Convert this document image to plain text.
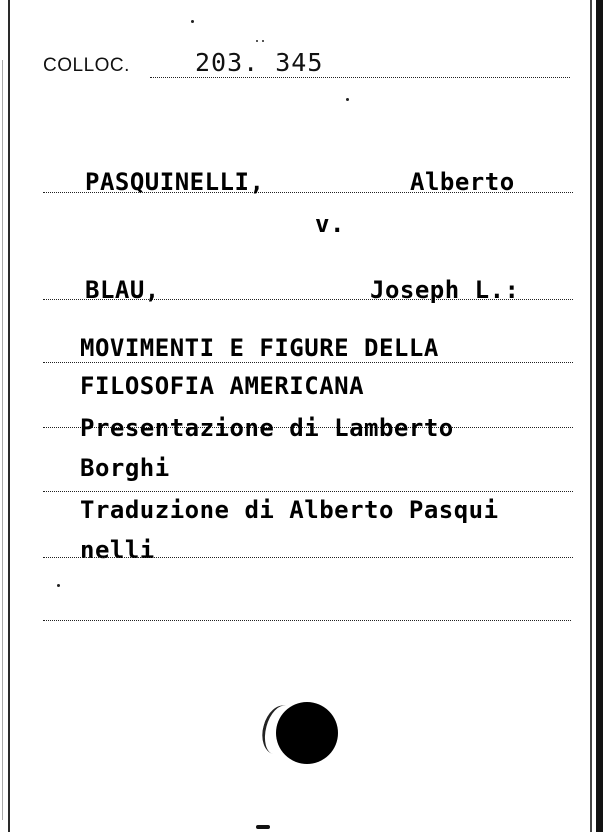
COLLOC.	203. 345
PASQUINELLI,	Alberto
v.
BLAU,	Joseph L.:
MOVIMENTI E FIGURE DELLA
FILOSOFIA AMERICANA
Presentazione di Lamberto
Borghi
Traduzione di Alberto Pasqui
nelli
